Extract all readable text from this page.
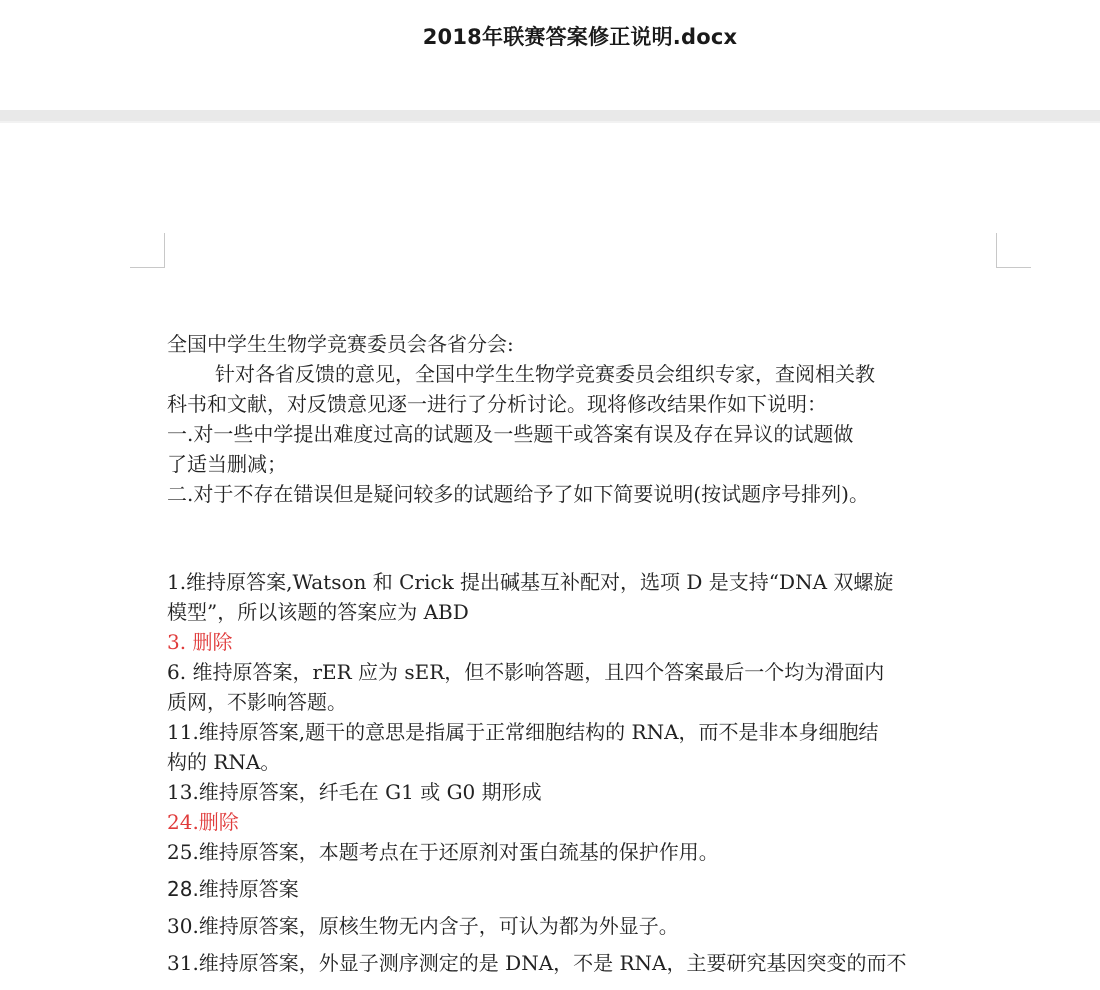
2018年联赛答案修正说明.docx

全国中学生生物学竞赛委员会各省分会:

针对各省反馈的意见，全国中学生生物学竞赛委员会组织专家，查阅相关教

科书和文献，对反馈意见逐一进行了分析讨论。现将修改结果作如下说明：

一.对一些中学提出难度过高的试题及一些题干或答案有误及存在异议的试题做

了适当删减；

二.对于不存在错误但是疑问较多的试题给予了如下简要说明(按试题序号排列)。

1.维持原答案,Watson 和 Crick 提出碱基互补配对，选项 D 是支持“DNA 双螺旋

模型”，所以该题的答案应为 ABD

3. 删除

6. 维持原答案，rER 应为 sER，但不影响答题，且四个答案最后一个均为滑面内

质网，不影响答题。

11.维持原答案,题干的意思是指属于正常细胞结构的 RNA，而不是非本身细胞结

构的 RNA。

13.维持原答案，纤毛在 G1 或 G0 期形成

24.删除

25.维持原答案，本题考点在于还原剂对蛋白巯基的保护作用。

28.维持原答案

30.维持原答案，原核生物无内含子，可认为都为外显子。

31.维持原答案，外显子测序测定的是 DNA，不是 RNA，主要研究基因突变的而不
